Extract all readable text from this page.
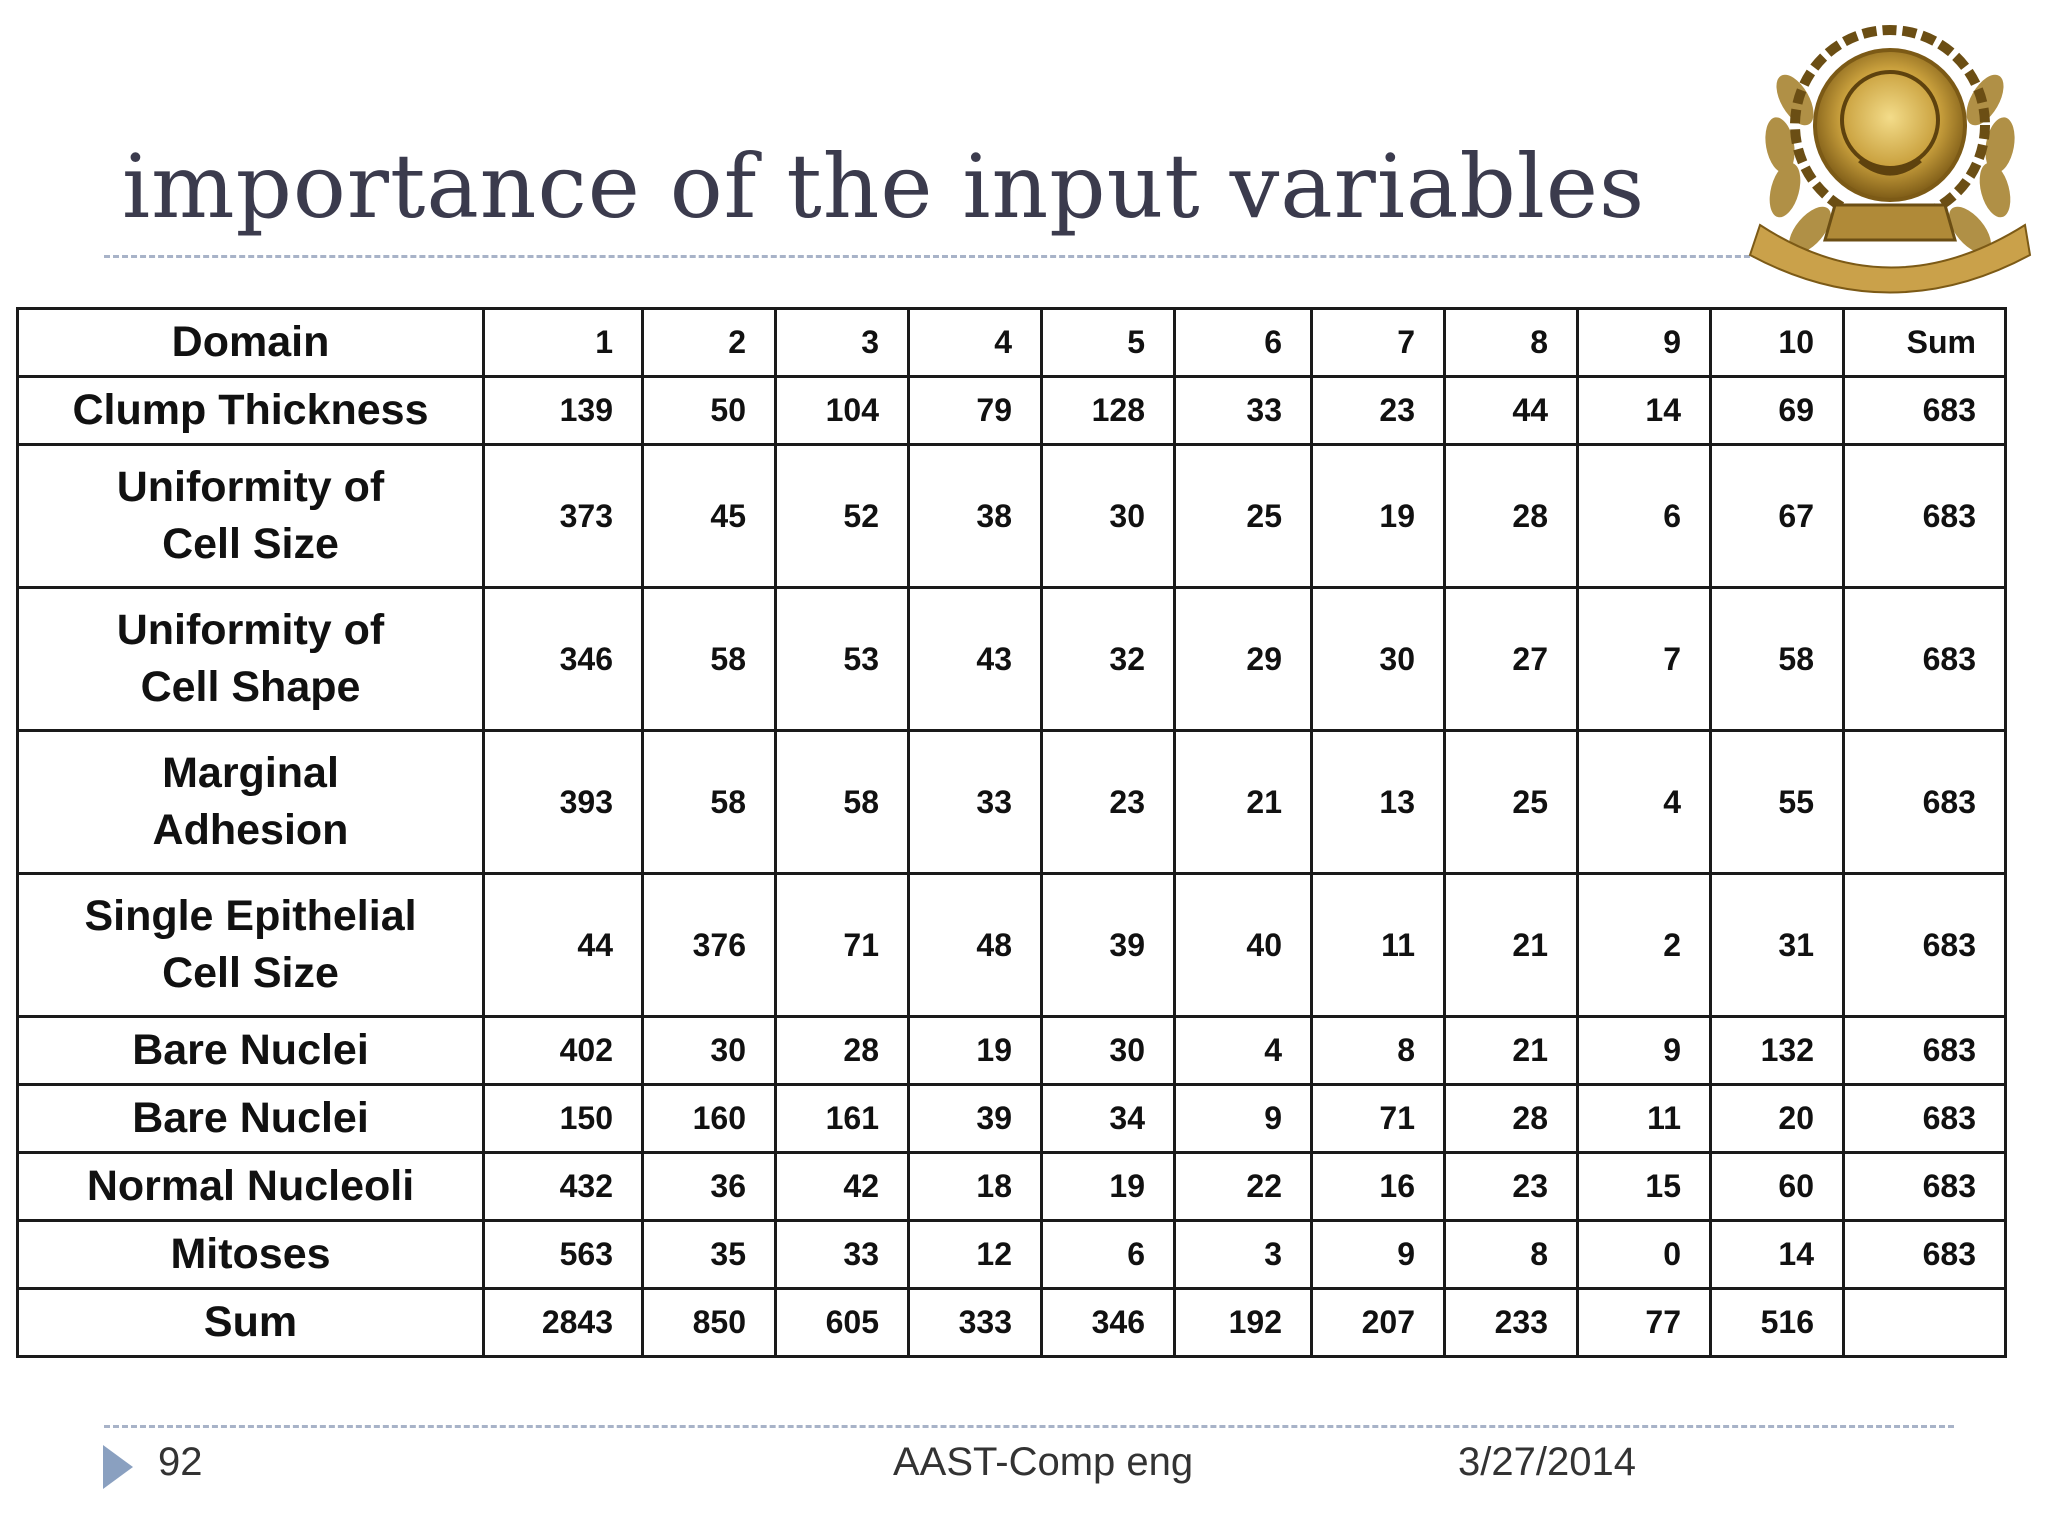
importance of the input variables
Domain	1	2	3	4	5	6	7	8	9	10	Sum

Clump Thickness	139	50	104	79	128	33	23	44	14	69	683

Uniformity of
Cell Size	373	45	52	38	30	25	19	28	6	67	683

Uniformity of
Cell Shape	346	58	53	43	32	29	30	27	7	58	683

Marginal
Adhesion	393	58	58	33	23	21	13	25	4	55	683

Single Epithelial
Cell Size	44	376	71	48	39	40	11	21	2	31	683

Bare Nuclei	402	30	28	19	30	4	8	21	9	132	683

Bare Nuclei	150	160	161	39	34	9	71	28	11	20	683

Normal Nucleoli	432	36	42	18	19	22	16	23	15	60	683

Mitoses	563	35	33	12	6	3	9	8	0	14	683

Sum	2843	850	605	333	346	192	207	233	77	516	
92	AAST-Comp eng	3/27/2014
